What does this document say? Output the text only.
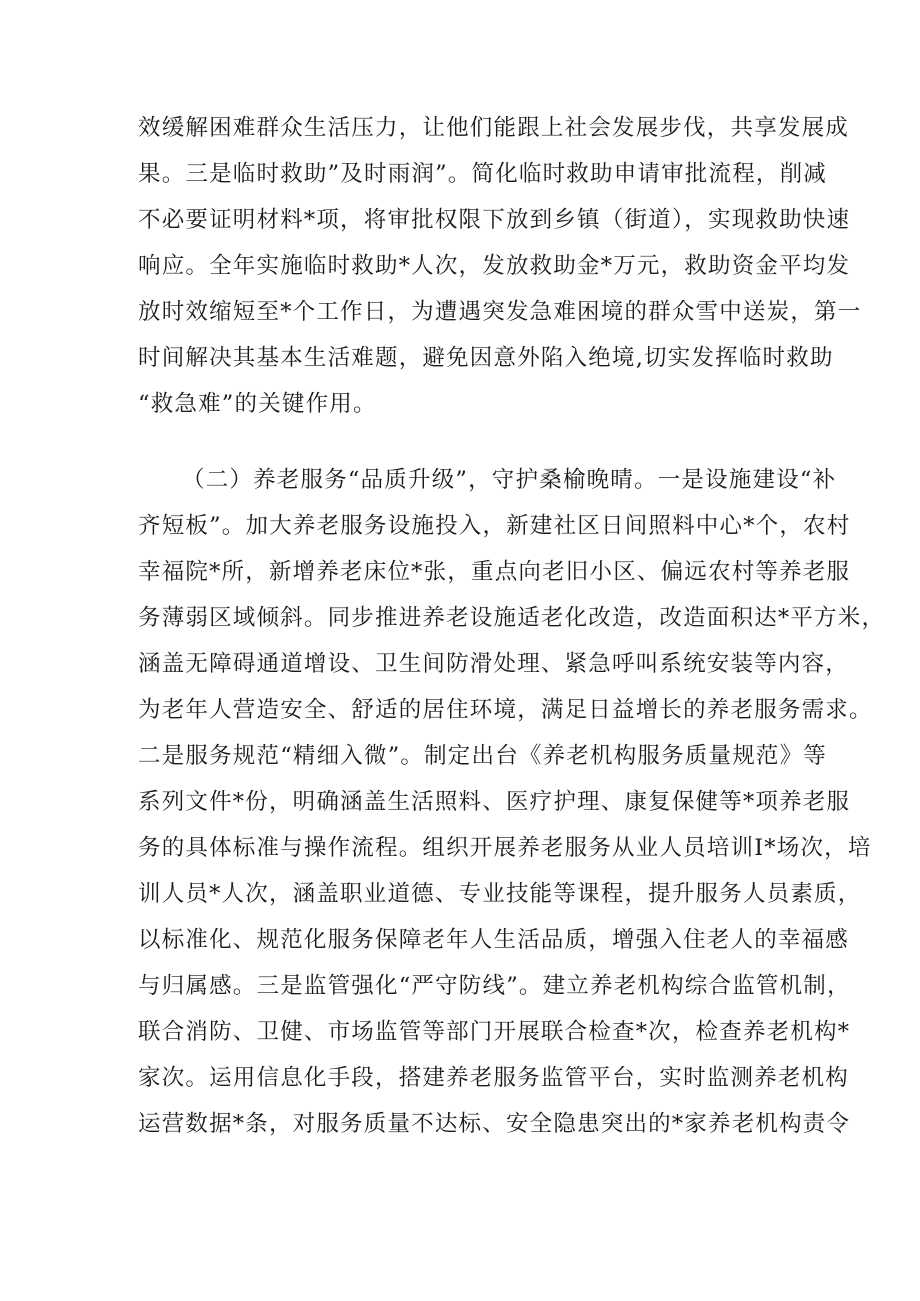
效缓解困难群众生活压力，让他们能跟上社会发展步伐，共享发展成
果。三是临时救助”及时雨润”。简化临时救助申请审批流程，削减
不必要证明材料*项，将审批权限下放到乡镇（街道），实现救助快速
响应。全年实施临时救助*人次，发放救助金*万元，救助资金平均发
放时效缩短至*个工作日，为遭遇突发急难困境的群众雪中送炭，第一
时间解决其基本生活难题，避免因意外陷入绝境,切实发挥临时救助
“救急难”的关键作用。
（二）养老服务“品质升级”，守护桑榆晚晴。一是设施建设“补
齐短板”。加大养老服务设施投入，新建社区日间照料中心*个，农村
幸福院*所，新增养老床位*张，重点向老旧小区、偏远农村等养老服
务薄弱区域倾斜。同步推进养老设施适老化改造，改造面积达*平方米，
涵盖无障碍通道增设、卫生间防滑处理、紧急呼叫系统安装等内容，
为老年人营造安全、舒适的居住环境，满足日益增长的养老服务需求。
二是服务规范“精细入微”。制定出台《养老机构服务质量规范》等
系列文件*份，明确涵盖生活照料、医疗护理、康复保健等*项养老服
务的具体标准与操作流程。组织开展养老服务从业人员培训I*场次，培
训人员*人次，涵盖职业道德、专业技能等课程，提升服务人员素质，
以标准化、规范化服务保障老年人生活品质，增强入住老人的幸福感
与归属感。三是监管强化“严守防线”。建立养老机构综合监管机制，
联合消防、卫健、市场监管等部门开展联合检查*次，检查养老机构*
家次。运用信息化手段，搭建养老服务监管平台，实时监测养老机构
运营数据*条，对服务质量不达标、安全隐患突出的*家养老机构责令
